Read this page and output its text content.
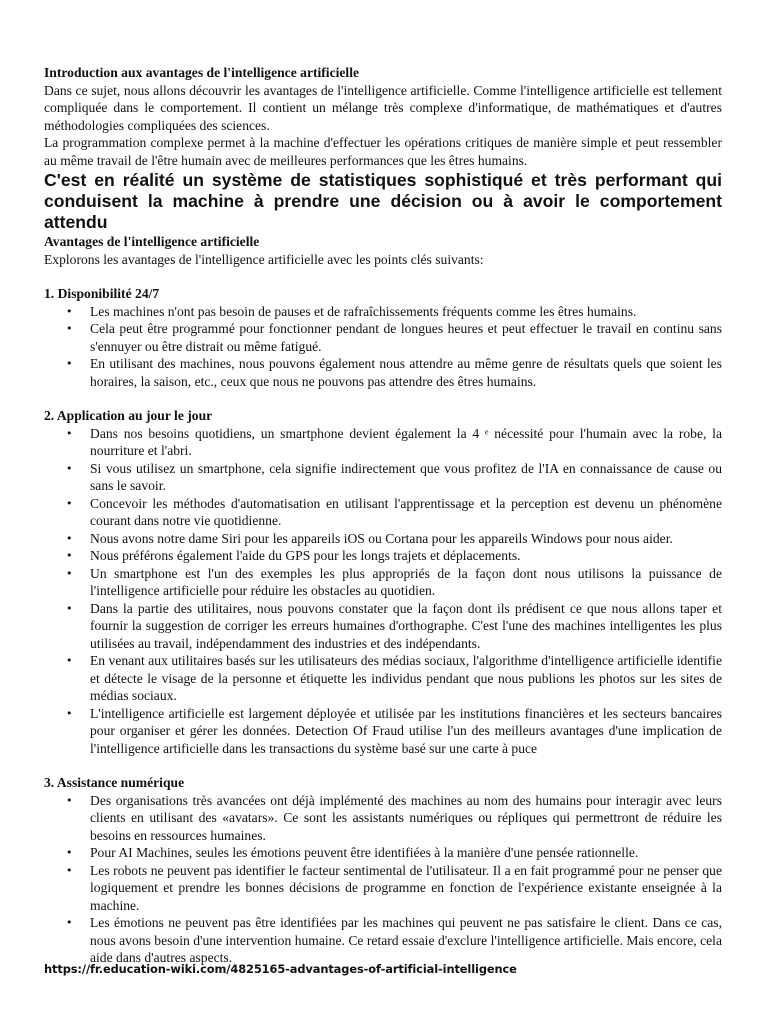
Introduction aux avantages de l'intelligence artificielle

Dans ce sujet, nous allons découvrir les avantages de l'intelligence artificielle. Comme l'intelligence artificielle est tellement compliquée dans le comportement. Il contient un mélange très complexe d'informatique, de mathématiques et d'autres méthodologies compliquées des sciences.

La programmation complexe permet à la machine d'effectuer les opérations critiques de manière simple et peut ressembler au même travail de l'être humain avec de meilleures performances que les êtres humains.

C'est en réalité un système de statistiques sophistiqué et très performant qui conduisent la machine à prendre une décision ou à avoir le comportement attendu

Avantages de l'intelligence artificielle

Explorons les avantages de l'intelligence artificielle avec les points clés suivants:

1. Disponibilité 24/7

• Les machines n'ont pas besoin de pauses et de rafraîchissements fréquents comme les êtres humains.
• Cela peut être programmé pour fonctionner pendant de longues heures et peut effectuer le travail en continu sans s'ennuyer ou être distrait ou même fatigué.
• En utilisant des machines, nous pouvons également nous attendre au même genre de résultats quels que soient les horaires, la saison, etc., ceux que nous ne pouvons pas attendre des êtres humains.

2. Application au jour le jour

• Dans nos besoins quotidiens, un smartphone devient également la 4 ᵉ nécessité pour l'humain avec la robe, la nourriture et l'abri.
• Si vous utilisez un smartphone, cela signifie indirectement que vous profitez de l'IA en connaissance de cause ou sans le savoir.
• Concevoir les méthodes d'automatisation en utilisant l'apprentissage et la perception est devenu un phénomène courant dans notre vie quotidienne.
• Nous avons notre dame Siri pour les appareils iOS ou Cortana pour les appareils Windows pour nous aider.
• Nous préférons également l'aide du GPS pour les longs trajets et déplacements.
• Un smartphone est l'un des exemples les plus appropriés de la façon dont nous utilisons la puissance de l'intelligence artificielle pour réduire les obstacles au quotidien.
• Dans la partie des utilitaires, nous pouvons constater que la façon dont ils prédisent ce que nous allons taper et fournir la suggestion de corriger les erreurs humaines d'orthographe. C'est l'une des machines intelligentes les plus utilisées au travail, indépendamment des industries et des indépendants.
• En venant aux utilitaires basés sur les utilisateurs des médias sociaux, l'algorithme d'intelligence artificielle identifie et détecte le visage de la personne et étiquette les individus pendant que nous publions les photos sur les sites de médias sociaux.
• L'intelligence artificielle est largement déployée et utilisée par les institutions financières et les secteurs bancaires pour organiser et gérer les données. Detection Of Fraud utilise l'un des meilleurs avantages d'une implication de l'intelligence artificielle dans les transactions du système basé sur une carte à puce

3. Assistance numérique

• Des organisations très avancées ont déjà implémenté des machines au nom des humains pour interagir avec leurs clients en utilisant des «avatars». Ce sont les assistants numériques ou répliques qui permettront de réduire les besoins en ressources humaines.
• Pour AI Machines, seules les émotions peuvent être identifiées à la manière d'une pensée rationnelle.
• Les robots ne peuvent pas identifier le facteur sentimental de l'utilisateur. Il a en fait programmé pour ne penser que logiquement et prendre les bonnes décisions de programme en fonction de l'expérience existante enseignée à la machine.
• Les émotions ne peuvent pas être identifiées par les machines qui peuvent ne pas satisfaire le client. Dans ce cas, nous avons besoin d'une intervention humaine. Ce retard essaie d'exclure l'intelligence artificielle. Mais encore, cela aide dans d'autres aspects.
https://fr.education-wiki.com/4825165-advantages-of-artificial-intelligence
